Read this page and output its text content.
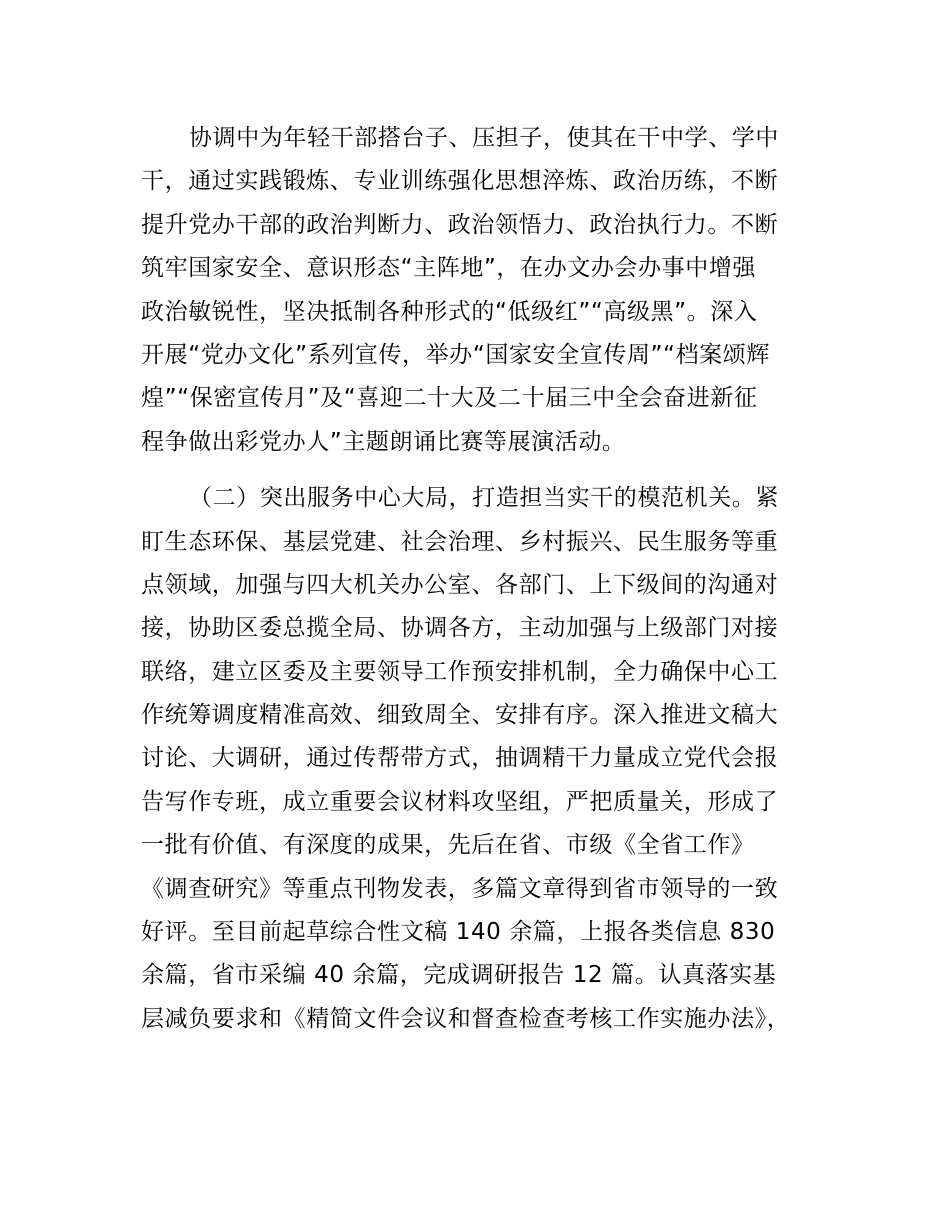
协调中为年轻干部搭台子、压担子，使其在干中学、学中
干，通过实践锻炼、专业训练强化思想淬炼、政治历练，不断
提升党办干部的政治判断力、政治领悟力、政治执行力。不断
筑牢国家安全、意识形态“主阵地”，在办文办会办事中增强
政治敏锐性，坚决抵制各种形式的“低级红”“高级黑”。深入
开展“党办文化”系列宣传，举办“国家安全宣传周”“档案颂辉
煌”“保密宣传月”及“喜迎二十大及二十届三中全会奋进新征
程争做出彩党办人”主题朗诵比赛等展演活动。
（二）突出服务中心大局，打造担当实干的模范机关。紧
盯生态环保、基层党建、社会治理、乡村振兴、民生服务等重
点领域，加强与四大机关办公室、各部门、上下级间的沟通对
接，协助区委总揽全局、协调各方，主动加强与上级部门对接
联络，建立区委及主要领导工作预安排机制，全力确保中心工
作统筹调度精准高效、细致周全、安排有序。深入推进文稿大
讨论、大调研，通过传帮带方式，抽调精干力量成立党代会报
告写作专班，成立重要会议材料攻坚组，严把质量关，形成了
一批有价值、有深度的成果，先后在省、市级《全省工作》
《调查研究》等重点刊物发表，多篇文章得到省市领导的一致
好评。至目前起草综合性文稿 140 余篇，上报各类信息 830
余篇，省市采编 40 余篇，完成调研报告 12 篇。认真落实基
层减负要求和《精简文件会议和督查检查考核工作实施办法》，
